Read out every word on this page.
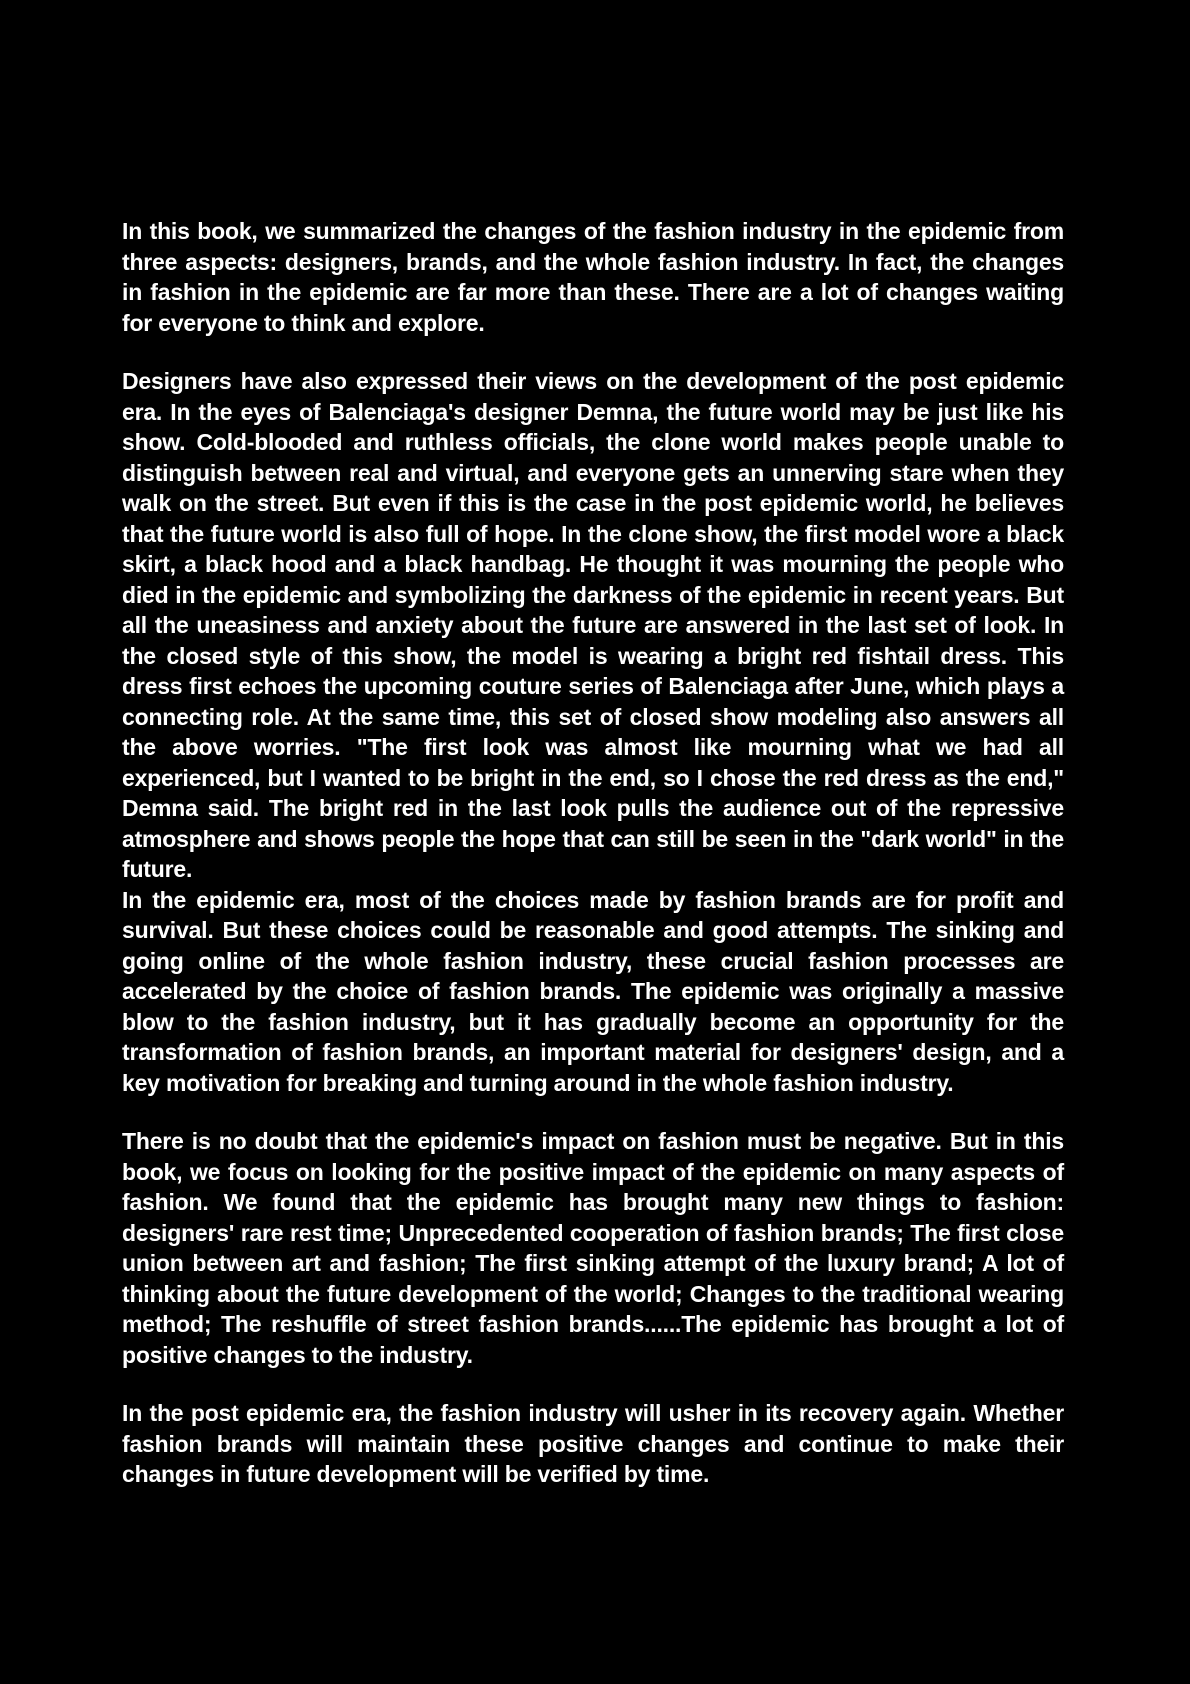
In this book, we summarized the changes of the fashion industry in the epidemic from three aspects: designers, brands, and the whole fashion industry. In fact, the changes in fashion in the epidemic are far more than these. There are a lot of changes waiting for everyone to think and explore.

Designers have also expressed their views on the development of the post epidemic era. In the eyes of Balenciaga's designer Demna, the future world may be just like his show. Cold-blooded and ruthless officials, the clone world makes people unable to distinguish between real and virtual, and everyone gets an unnerving stare when they walk on the street. But even if this is the case in the post epidemic world, he believes that the future world is also full of hope. In the clone show, the first model wore a black skirt, a black hood and a black handbag. He thought it was mourning the people who died in the epidemic and symbolizing the darkness of the epidemic in recent years. But all the uneasiness and anxiety about the future are answered in the last set of look. In the closed style of this show, the model is wearing a bright red fishtail dress. This dress first echoes the upcoming couture series of Balenciaga after June, which plays a connecting role. At the same time, this set of closed show modeling also answers all the above worries. "The first look was almost like mourning what we had all experienced, but I wanted to be bright in the end, so I chose the red dress as the end," Demna said. The bright red in the last look pulls the audience out of the repressive atmosphere and shows people the hope that can still be seen in the "dark world" in the future.

In the epidemic era, most of the choices made by fashion brands are for profit and survival. But these choices could be reasonable and good attempts. The sinking and going online of the whole fashion industry, these crucial fashion processes are accelerated by the choice of fashion brands. The epidemic was originally a massive blow to the fashion industry, but it has gradually become an opportunity for the transformation of fashion brands, an important material for designers' design, and a key motivation for breaking and turning around in the whole fashion industry.

There is no doubt that the epidemic's impact on fashion must be negative. But in this book, we focus on looking for the positive impact of the epidemic on many aspects of fashion. We found that the epidemic has brought many new things to fashion: designers' rare rest time; Unprecedented cooperation of fashion brands; The first close union between art and fashion; The first sinking attempt of the luxury brand; A lot of thinking about the future development of the world; Changes to the traditional wearing method; The reshuffle of street fashion brands......The epidemic has brought a lot of positive changes to the industry.

In the post epidemic era, the fashion industry will usher in its recovery again. Whether fashion brands will maintain these positive changes and continue to make their changes in future development will be verified by time.
